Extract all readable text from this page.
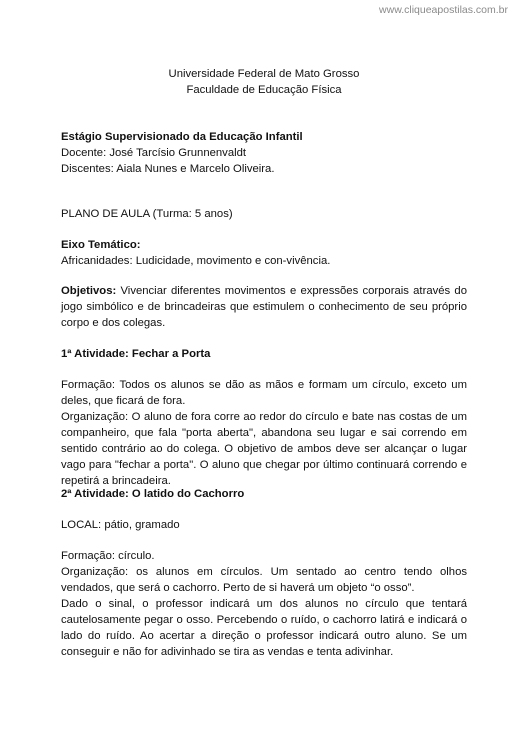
www.cliqueapostilas.com.br

Universidade Federal de Mato Grosso

Faculdade de Educação Física

Estágio Supervisionado da Educação Infantil

Docente: José Tarcísio Grunnenvaldt

Discentes: Aiala Nunes e Marcelo Oliveira.

PLANO DE AULA (Turma: 5 anos)

Eixo Temático:

Africanidades: Ludicidade, movimento e con-vivência.

Objetivos: Vivenciar diferentes movimentos e expressões corporais através do jogo simbólico e de brincadeiras que estimulem o conhecimento de seu próprio corpo e dos colegas.

1ª Atividade: Fechar a Porta

Formação: Todos os alunos se dão as mãos e formam um círculo, exceto um deles, que ficará de fora.

Organização: O aluno de fora corre ao redor do círculo e bate nas costas de um companheiro, que fala "porta aberta", abandona seu lugar e sai correndo em sentido contrário ao do colega. O objetivo de ambos deve ser alcançar o lugar vago para "fechar a porta". O aluno que chegar por último continuará correndo e repetirá a brincadeira.

2ª Atividade: O latido do Cachorro

LOCAL: pátio, gramado

Formação: círculo.

Organização: os alunos em círculos. Um sentado ao centro tendo olhos vendados, que será o cachorro. Perto de si haverá um objeto “o osso”.

Dado o sinal, o professor indicará um dos alunos no círculo que tentará cautelosamente pegar o osso. Percebendo o ruído, o cachorro latirá e indicará o lado do ruído. Ao acertar a direção o professor indicará outro aluno. Se um conseguir e não for adivinhado se tira as vendas e tenta adivinhar.
